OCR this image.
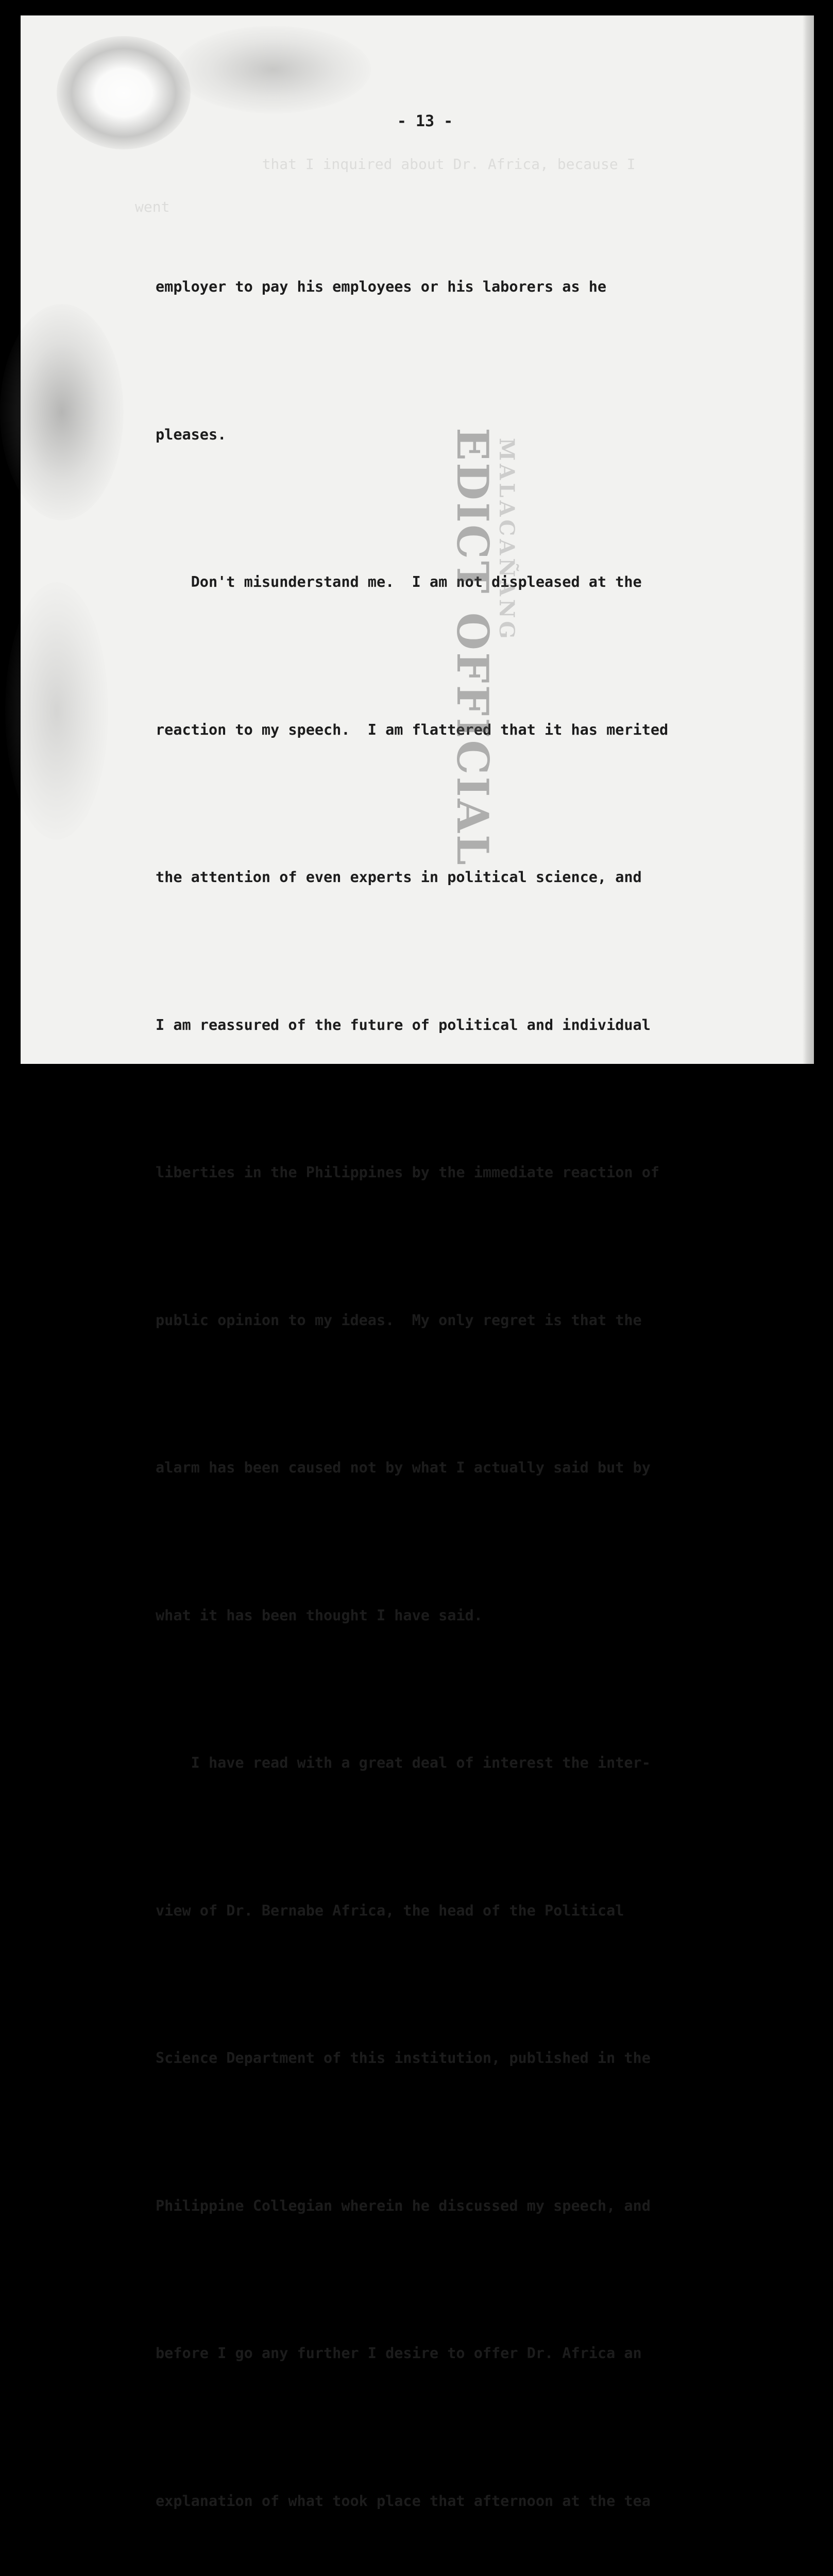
that I inquired about Dr. Africa, because I
went
- 13 -

employer to pay his employees or his laborers as he

pleases.

Don't misunderstand me.  I am not displeased at the

reaction to my speech.  I am flattered that it has merited

the attention of even experts in political science, and

I am reassured of the future of political and individual

liberties in the Philippines by the immediate reaction of

public opinion to my ideas.  My only regret is that the

alarm has been caused not by what I actually said but by

what it has been thought I have said.

I have read with a great deal of interest the inter-

view of Dr. Bernabe Africa, the head of the Political

Science Department of this institution, published in the

Philippine Collegian wherein he discussed my speech, and

before I go any further I desire to offer Dr. Africa an

explanation of what took place that afternoon at the tea

EDICT OFFICIAL
MALACAÑANG
